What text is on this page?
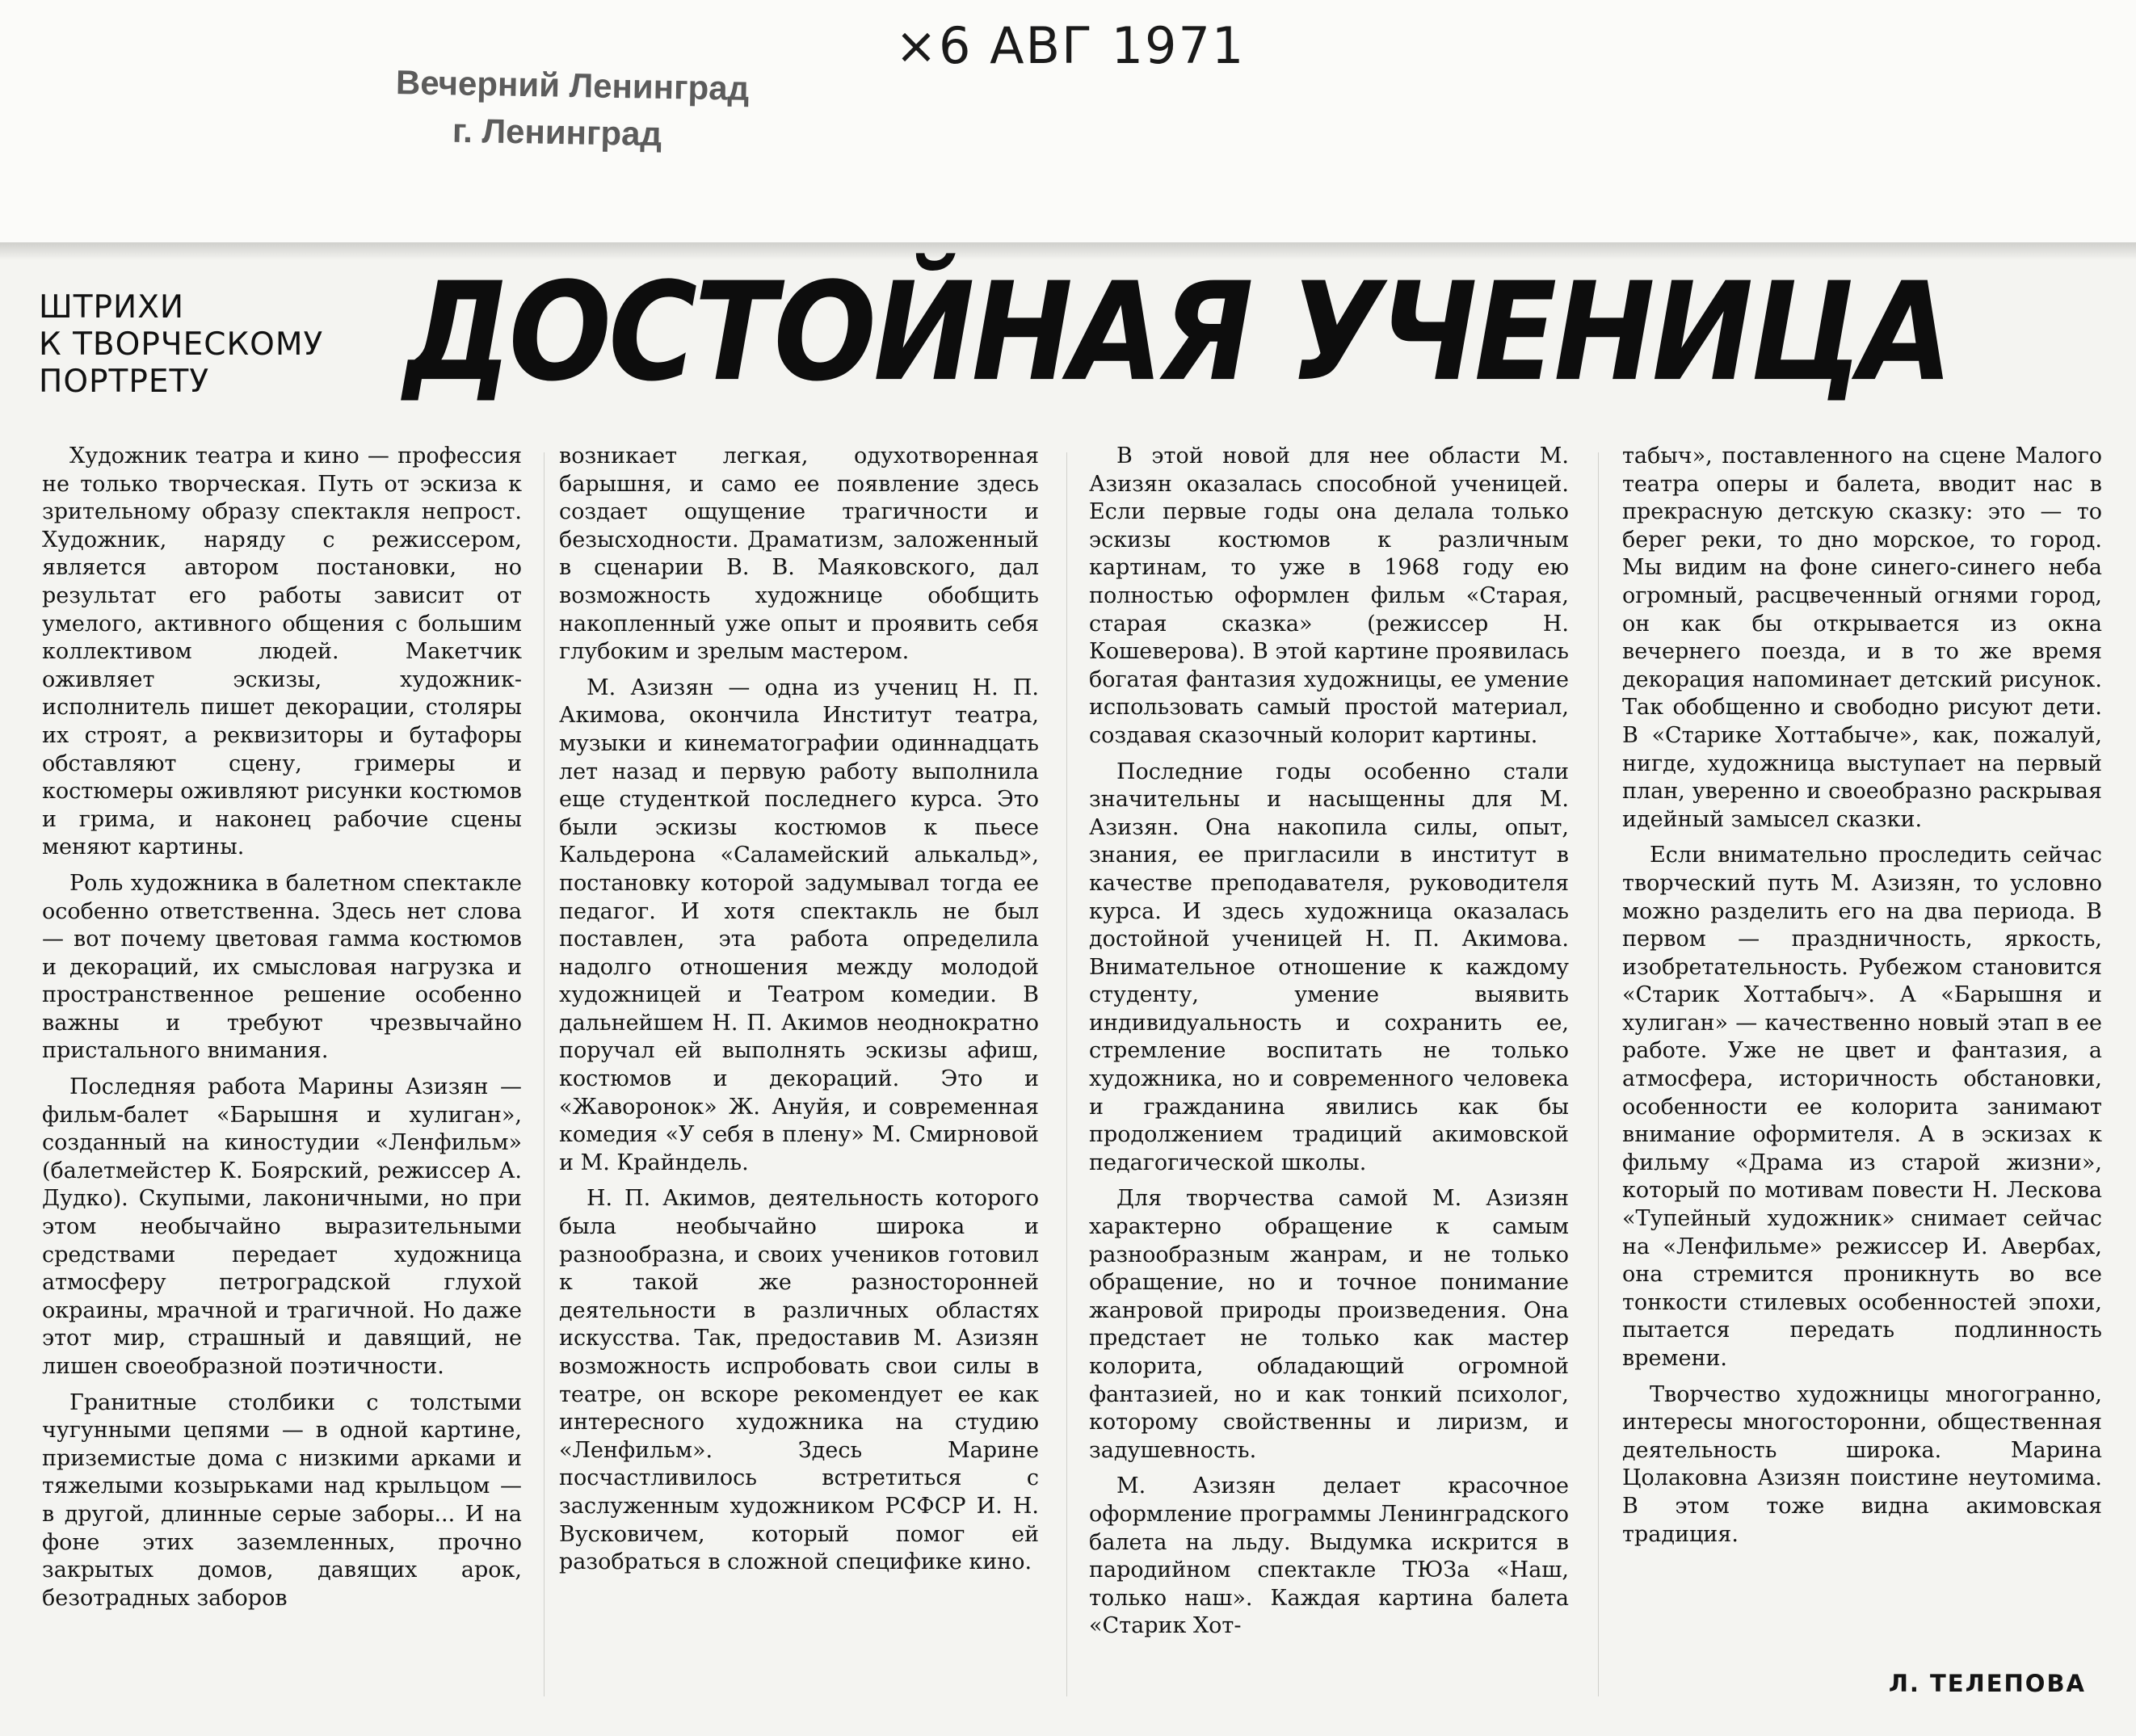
×6 АВГ 1971
Вечерний Ленинград
г. Ленинград
ШТРИХИ
К ТВОРЧЕСКОМУ
ПОРТРЕТУ	ДОСТОЙНАЯ УЧЕНИЦА

Художник театра и кино — профессия не только творческая. Путь от эскиза к зрительному образу спектакля непрост. Художник, наряду с режиссером, является автором постановки, но результат его работы зависит от умелого, активного общения с большим коллективом людей. Макетчик оживляет эскизы, художник-исполнитель пишет декорации, столяры их строят, а реквизиторы и бутафоры обставляют сцену, гримеры и костюмеры оживляют рисунки костюмов и грима, и наконец рабочие сцены меняют картины.

Роль художника в балетном спектакле особенно ответственна. Здесь нет слова — вот почему цветовая гамма костюмов и декораций, их смысловая нагрузка и пространственное решение особенно важны и требуют чрезвычайно пристального внимания.

Последняя работа Марины Азизян — фильм-балет «Барышня и хулиган», созданный на киностудии «Ленфильм» (балетмейстер К. Боярский, режиссер А. Дудко). Скупыми, лаконичными, но при этом необычайно выразительными средствами передает художница атмосферу петроградской глухой окраины, мрачной и трагичной. Но даже этот мир, страшный и давящий, не лишен своеобразной поэтичности.

Гранитные столбики с толстыми чугунными цепями — в одной картине, приземистые дома с низкими арками и тяжелыми козырьками над крыльцом — в другой, длинные серые заборы... И на фоне этих заземленных, прочно закрытых домов, давящих арок, безотрадных заборов

возникает легкая, одухотворенная барышня, и само ее появление здесь создает ощущение трагичности и безысходности. Драматизм, заложенный в сценарии В. В. Маяковского, дал возможность художнице обобщить накопленный уже опыт и проявить себя глубоким и зрелым мастером.

М. Азизян — одна из учениц Н. П. Акимова, окончила Институт театра, музыки и кинематографии одиннадцать лет назад и первую работу выполнила еще студенткой последнего курса. Это были эскизы костюмов к пьесе Кальдерона «Саламейский алькальд», постановку которой задумывал тогда ее педагог. И хотя спектакль не был поставлен, эта работа определила надолго отношения между молодой художницей и Театром комедии. В дальнейшем Н. П. Акимов неоднократно поручал ей выполнять эскизы афиш, костюмов и декораций. Это и «Жаворонок» Ж. Ануйя, и современная комедия «У себя в плену» М. Смирновой и М. Крайндель.

Н. П. Акимов, деятельность которого была необычайно широка и разнообразна, и своих учеников готовил к такой же разносторонней деятельности в различных областях искусства. Так, предоставив М. Азизян возможность испробовать свои силы в театре, он вскоре рекомендует ее как интересного художника на студию «Ленфильм». Здесь Марине посчастливилось встретиться с заслуженным художником РСФСР И. Н. Вусковичем, который помог ей разобраться в сложной специфике кино.

В этой новой для нее области М. Азизян оказалась способной ученицей. Если первые годы она делала только эскизы костюмов к различным картинам, то уже в 1968 году ею полностью оформлен фильм «Старая, старая сказка» (режиссер Н. Кошеверова). В этой картине проявилась богатая фантазия художницы, ее умение использовать самый простой материал, создавая сказочный колорит картины.

Последние годы особенно стали значительны и насыщенны для М. Азизян. Она накопила силы, опыт, знания, ее пригласили в институт в качестве преподавателя, руководителя курса. И здесь художница оказалась достойной ученицей Н. П. Акимова. Внимательное отношение к каждому студенту, умение выявить индивидуальность и сохранить ее, стремление воспитать не только художника, но и современного человека и гражданина явились как бы продолжением традиций акимовской педагогической школы.

Для творчества самой М. Азизян характерно обращение к самым разнообразным жанрам, и не только обращение, но и точное понимание жанровой природы произведения. Она предстает не только как мастер колорита, обладающий огромной фантазией, но и как тонкий психолог, которому свойственны и лиризм, и задушевность.

М. Азизян делает красочное оформление программы Ленинградского балета на льду. Выдумка искрится в пародийном спектакле ТЮЗа «Наш, только наш». Каждая картина балета «Старик Хот-

табыч», поставленного на сцене Малого театра оперы и балета, вводит нас в прекрасную детскую сказку: это — то берег реки, то дно морское, то город. Мы видим на фоне синего-синего неба огромный, расцвеченный огнями город, он как бы открывается из окна вечернего поезда, и в то же время декорация напоминает детский рисунок. Так обобщенно и свободно рисуют дети. В «Старике Хоттабыче», как, пожалуй, нигде, художница выступает на первый план, уверенно и своеобразно раскрывая идейный замысел сказки.

Если внимательно проследить сейчас творческий путь М. Азизян, то условно можно разделить его на два периода. В первом — праздничность, яркость, изобретательность. Рубежом становится «Старик Хоттабыч». А «Барышня и хулиган» — качественно новый этап в ее работе. Уже не цвет и фантазия, а атмосфера, историчность обстановки, особенности ее колорита занимают внимание оформителя. А в эскизах к фильму «Драма из старой жизни», который по мотивам повести Н. Лескова «Тупейный художник» снимает сейчас на «Ленфильме» режиссер И. Авербах, она стремится проникнуть во все тонкости стилевых особенностей эпохи, пытается передать подлинность времени.

Творчество художницы многогранно, интересы многосторонни, общественная деятельность широка. Марина Цолаковна Азизян поистине неутомима. В этом тоже видна акимовская традиция.

Л. ТЕЛЕПОВА
